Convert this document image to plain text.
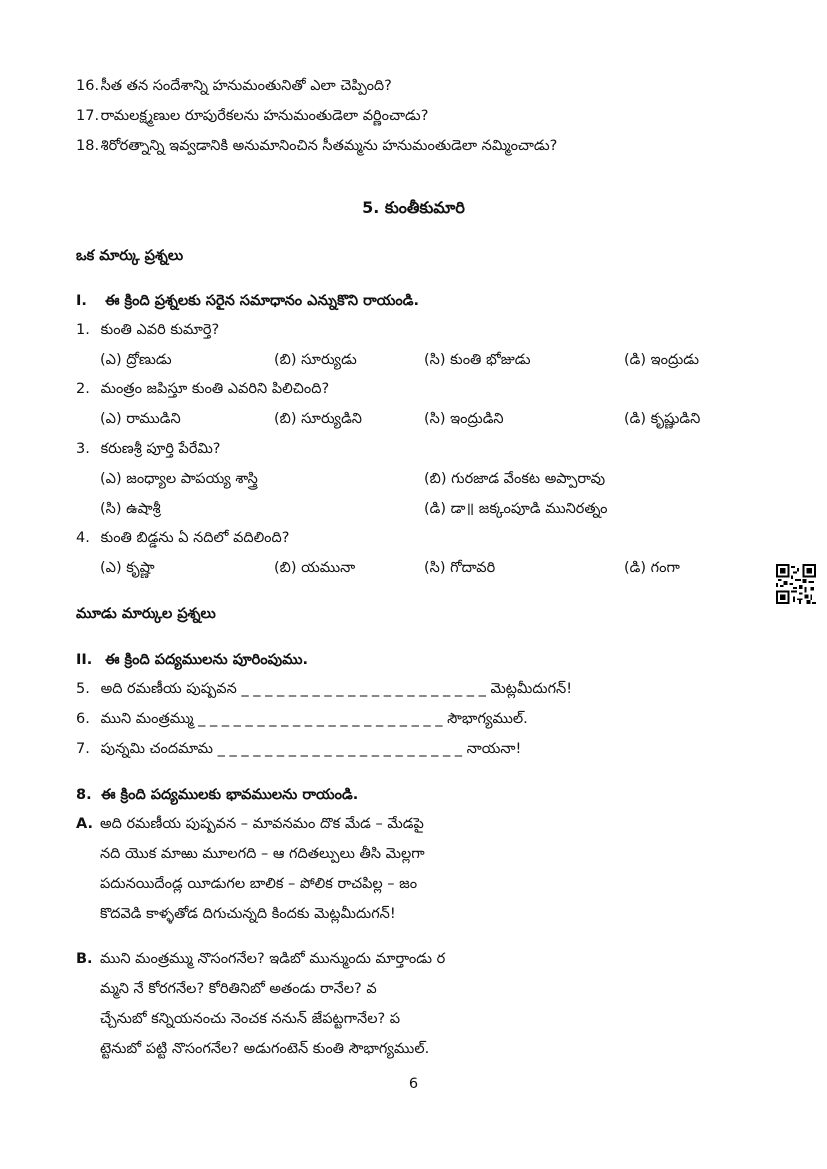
16. సీత తన సందేశాన్ని హనుమంతునితో ఎలా చెప్పింది?
17. రామలక్ష్మణుల రూపురేకలను హనుమంతుడెలా వర్ణించాడు?
18. శిరోరత్నాన్ని ఇవ్వడానికి అనుమానించిన సీతమ్మను హనుమంతుడెలా నమ్మించాడు?
5. కుంతీకుమారి
ఒక మార్కు ప్రశ్నలు
I. ఈ క్రింది ప్రశ్నలకు సరైన సమాధానం ఎన్నుకొని రాయండి.
1. కుంతి ఎవరి కుమార్తె?
(ఎ) ద్రోణుడు	(బి) సూర్యుడు	(సి) కుంతి భోజుడు	(డి) ఇంద్రుడు
2. మంత్రం జపిస్తూ కుంతి ఎవరిని పిలిచింది?
(ఎ) రాముడిని	(బి) సూర్యుడిని	(సి) ఇంద్రుడిని	(డి) కృష్ణుడిని
3. కరుణశ్రీ పూర్తి పేరేమి?
(ఎ) జంధ్యాల పాపయ్య శాస్త్రి	(బి) గురజాడ వేంకట అప్పారావు
(సి) ఉషాశ్రీ	(డి) డా॥ జక్కంపూడి మునిరత్నం
4. కుంతి బిడ్డను ఏ నదిలో వదిలింది?
(ఎ) కృష్ణా	(బి) యమునా	(సి) గోదావరి	(డి) గంగా
మూడు మార్కుల ప్రశ్నలు
II. ఈ క్రింది పద్యములను పూరింపుము.
5. అది రమణీయ పుష్పవన _ _ _ _ _ _ _ _ _ _ _ _ _ _ _ _ _ _ _ _ _ మెట్లమీదుగన్!
6. ముని మంత్రమ్ము _ _ _ _ _ _ _ _ _ _ _ _ _ _ _ _ _ _ _ _ _ సౌభాగ్యముల్.
7. పున్నమి చందమామ _ _ _ _ _ _ _ _ _ _ _ _ _ _ _ _ _ _ _ _ _ నాయనా!
8. ఈ క్రింది పద్యములకు భావములను రాయండి.
A. అది రమణీయ పుష్పవన – మావనమం దొక మేడ – మేడపై
నది యొక మాఱు మూలగది – ఆ గదితల్పులు తీసి మెల్లగా
పదునయిదేండ్ల యీడుగల బాలిక – పోలిక రాచపిల్ల – జం
కొదవెడి కాళ్ళతోడ దిగుచున్నది కిందకు మెట్లమీదుగన్!
B. ముని మంత్రమ్ము నొసంగనేల? ఇడిబో మున్ముందు మార్తాండు ర
మ్మని నే కోరగనేల? కోరితినిబో అతండు రానేల? వ
చ్చేనుబో కన్నియనంచు నెంచక ననున్ జేపట్టగానేల? ప
ట్టెనుబో పట్టి నొసంగనేల? అడుగంటెన్ కుంతి సౌభాగ్యముల్.
6
